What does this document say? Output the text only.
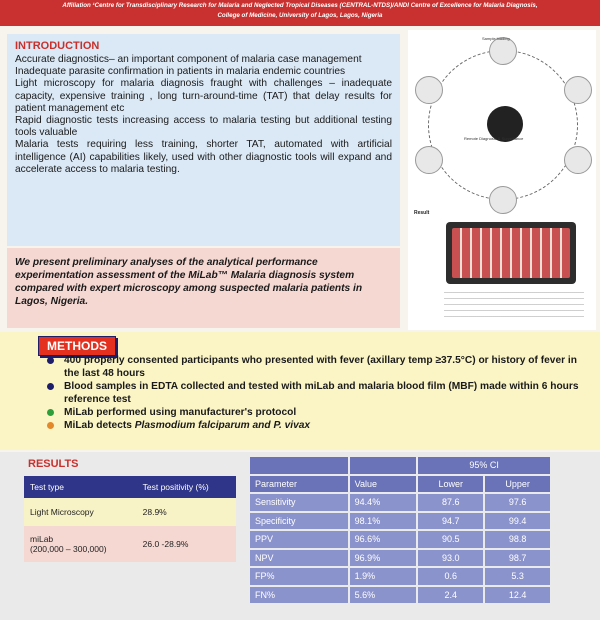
Affiliation ¹Centre for Transdisciplinary Research for Malaria and Neglected Tropical Diseases (CENTRAL-NTDS)/ANDI Centre of Excellence for Malaria Diagnosis,
College of Medicine, University of Lagos, Lagos, Nigeria
INTRODUCTION

Accurate diagnostics– an important component of malaria case management

Inadequate parasite confirmation in patients in malaria endemic countries

Light microscopy for malaria diagnosis fraught with challenges – inadequate capacity, expensive training , long turn-around-time (TAT) that delay results for patient management etc

Rapid diagnostic tests increasing access to malaria testing but additional testing tools valuable

Malaria tests requiring less training, shorter TAT, automated with artificial intelligence (AI) capabilities likely, used with other diagnostic tools will expand and accelerate access to malaria testing.

We present preliminary analyses of the analytical performance experimentation assessment of the MiLab™ Malaria diagnosis system compared with expert microscopy among suspected malaria patients in Lagos, Nigeria.

Sample loading
Remote Diagnosis & Surveillance
Result
METHODS
400 properly consented participants who presented with fever (axillary temp ≥37.5°C) or history of fever in the last 48 hours
Blood samples in EDTA collected and tested with miLab and malaria blood film (MBF) made within 6 hours reference test
MiLab performed using manufacturer's protocol
MiLab detects Plasmodium falciparum and P. vivax
RESULTS
Test type	Test positivity (%)
Light Microscopy	28.9%

miLab
(200,000 – 300,000)	26.0 -28.9%
		95% CI	
Parameter	Value	Lower	Upper
Sensitivity	94.4%	87.6	97.6
Specificity	98.1%	94.7	99.4
PPV	96.6%	90.5	98.8
NPV	96.9%	93.0	98.7
FP%	1.9%	0.6	5.3
FN%	5.6%	2.4	12.4
